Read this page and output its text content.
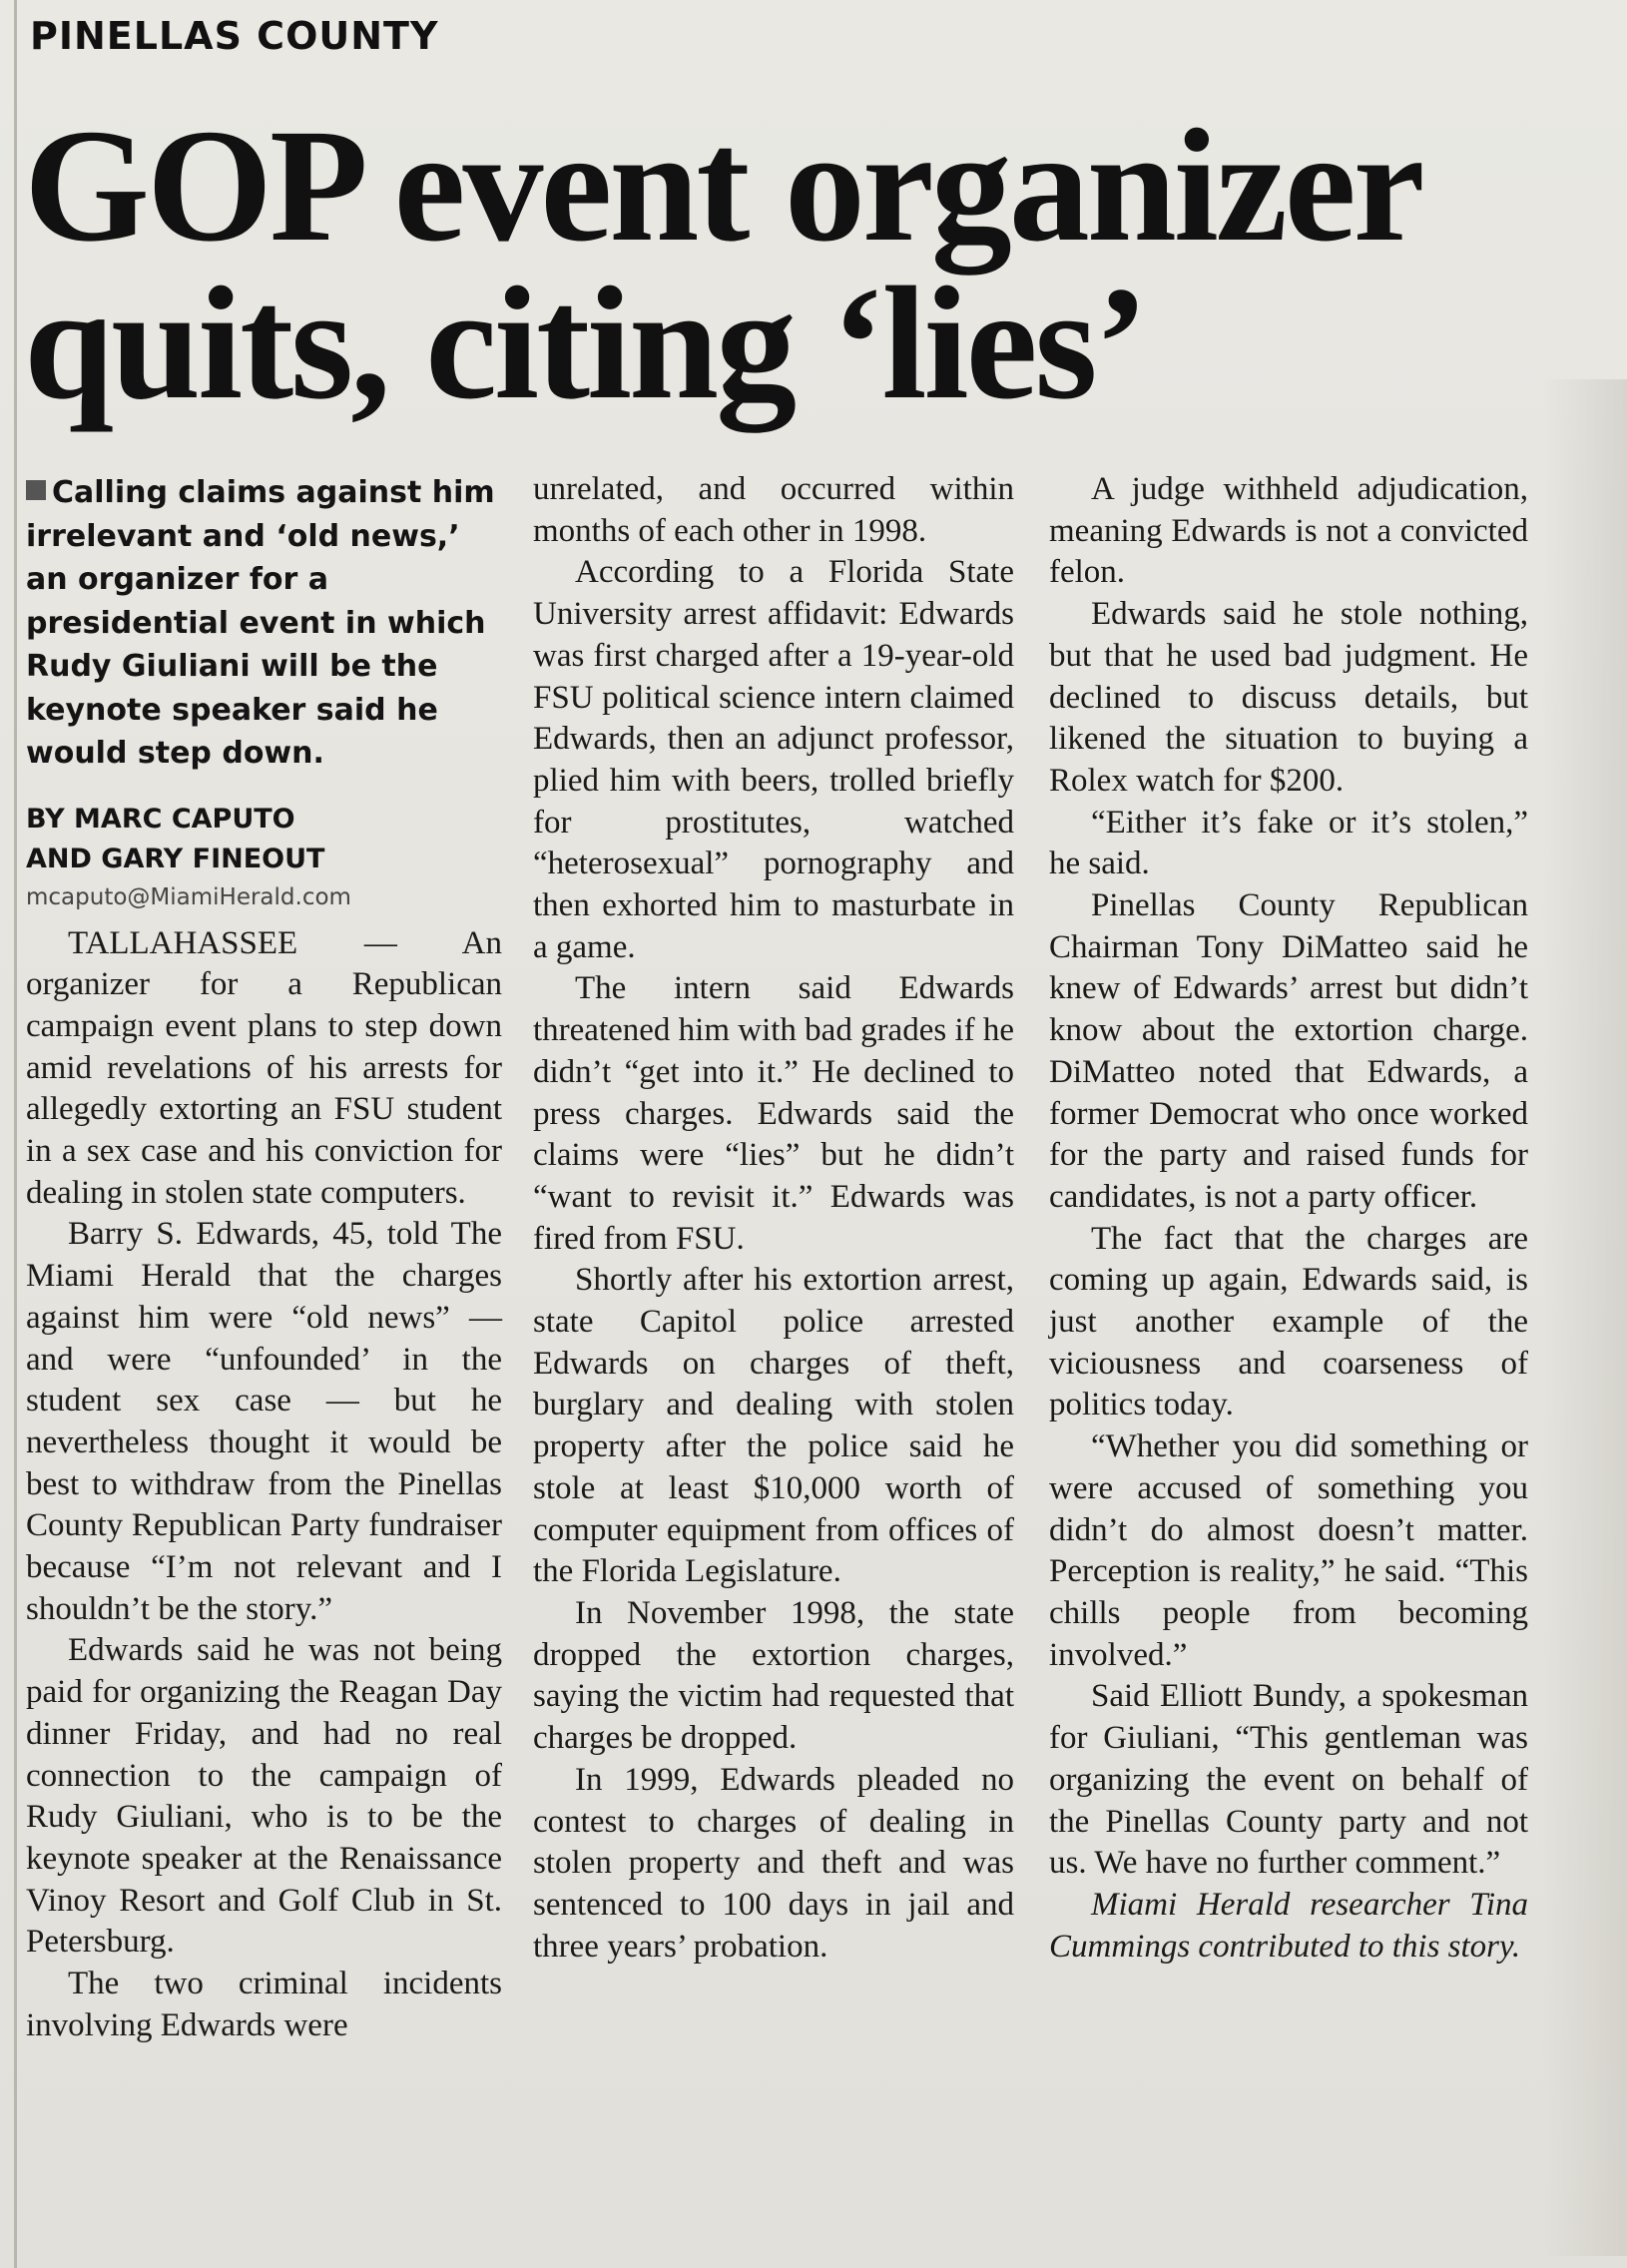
PINELLAS COUNTY
GOP event organizer
quits, citing ‘lies’
Calling claims against him irrelevant and ‘old news,’ an organizer for a presidential event in which Rudy Giuliani will be the keynote speaker said he would step down.
BY MARC CAPUTO
AND GARY FINEOUT
mcaputo@MiamiHerald.com

TALLAHASSEE — An organizer for a Republican campaign event plans to step down amid revelations of his arrests for allegedly extorting an FSU student in a sex case and his conviction for dealing in stolen state computers.

Barry S. Edwards, 45, told The Miami Herald that the charges against him were “old news” — and were “unfounded’ in the student sex case — but he nevertheless thought it would be best to withdraw from the Pinellas County Republican Party fundraiser because “I’m not relevant and I shouldn’t be the story.”

Edwards said he was not being paid for organizing the Reagan Day dinner Friday, and had no real connection to the campaign of Rudy Giuliani, who is to be the keynote speaker at the Renaissance Vinoy Resort and Golf Club in St. Petersburg.

The two criminal incidents involving Edwards were

unrelated, and occurred within months of each other in 1998.

According to a Florida State University arrest affidavit: Edwards was first charged after a 19-year-old FSU political science intern claimed Edwards, then an adjunct professor, plied him with beers, trolled briefly for prostitutes, watched “heterosexual” pornography and then exhorted him to masturbate in a game.

The intern said Edwards threatened him with bad grades if he didn’t “get into it.” He declined to press charges. Edwards said the claims were “lies” but he didn’t “want to revisit it.” Edwards was fired from FSU.

Shortly after his extortion arrest, state Capitol police arrested Edwards on charges of theft, burglary and dealing with stolen property after the police said he stole at least $10,000 worth of computer equipment from offices of the Florida Legislature.

In November 1998, the state dropped the extortion charges, saying the victim had requested that charges be dropped.

In 1999, Edwards pleaded no contest to charges of dealing in stolen property and theft and was sentenced to 100 days in jail and three years’ probation.

A judge withheld adjudication, meaning Edwards is not a convicted felon.

Edwards said he stole nothing, but that he used bad judgment. He declined to discuss details, but likened the situation to buying a Rolex watch for $200.

“Either it’s fake or it’s stolen,” he said.

Pinellas County Republican Chairman Tony DiMatteo said he knew of Edwards’ arrest but didn’t know about the extortion charge. DiMatteo noted that Edwards, a former Democrat who once worked for the party and raised funds for candidates, is not a party officer.

The fact that the charges are coming up again, Edwards said, is just another example of the viciousness and coarseness of politics today.

“Whether you did something or were accused of something you didn’t do almost doesn’t matter. Perception is reality,” he said. “This chills people from becoming involved.”

Said Elliott Bundy, a spokesman for Giuliani, “This gentleman was organizing the event on behalf of the Pinellas County party and not us. We have no further comment.”

Miami Herald researcher Tina Cummings contributed to this story.
